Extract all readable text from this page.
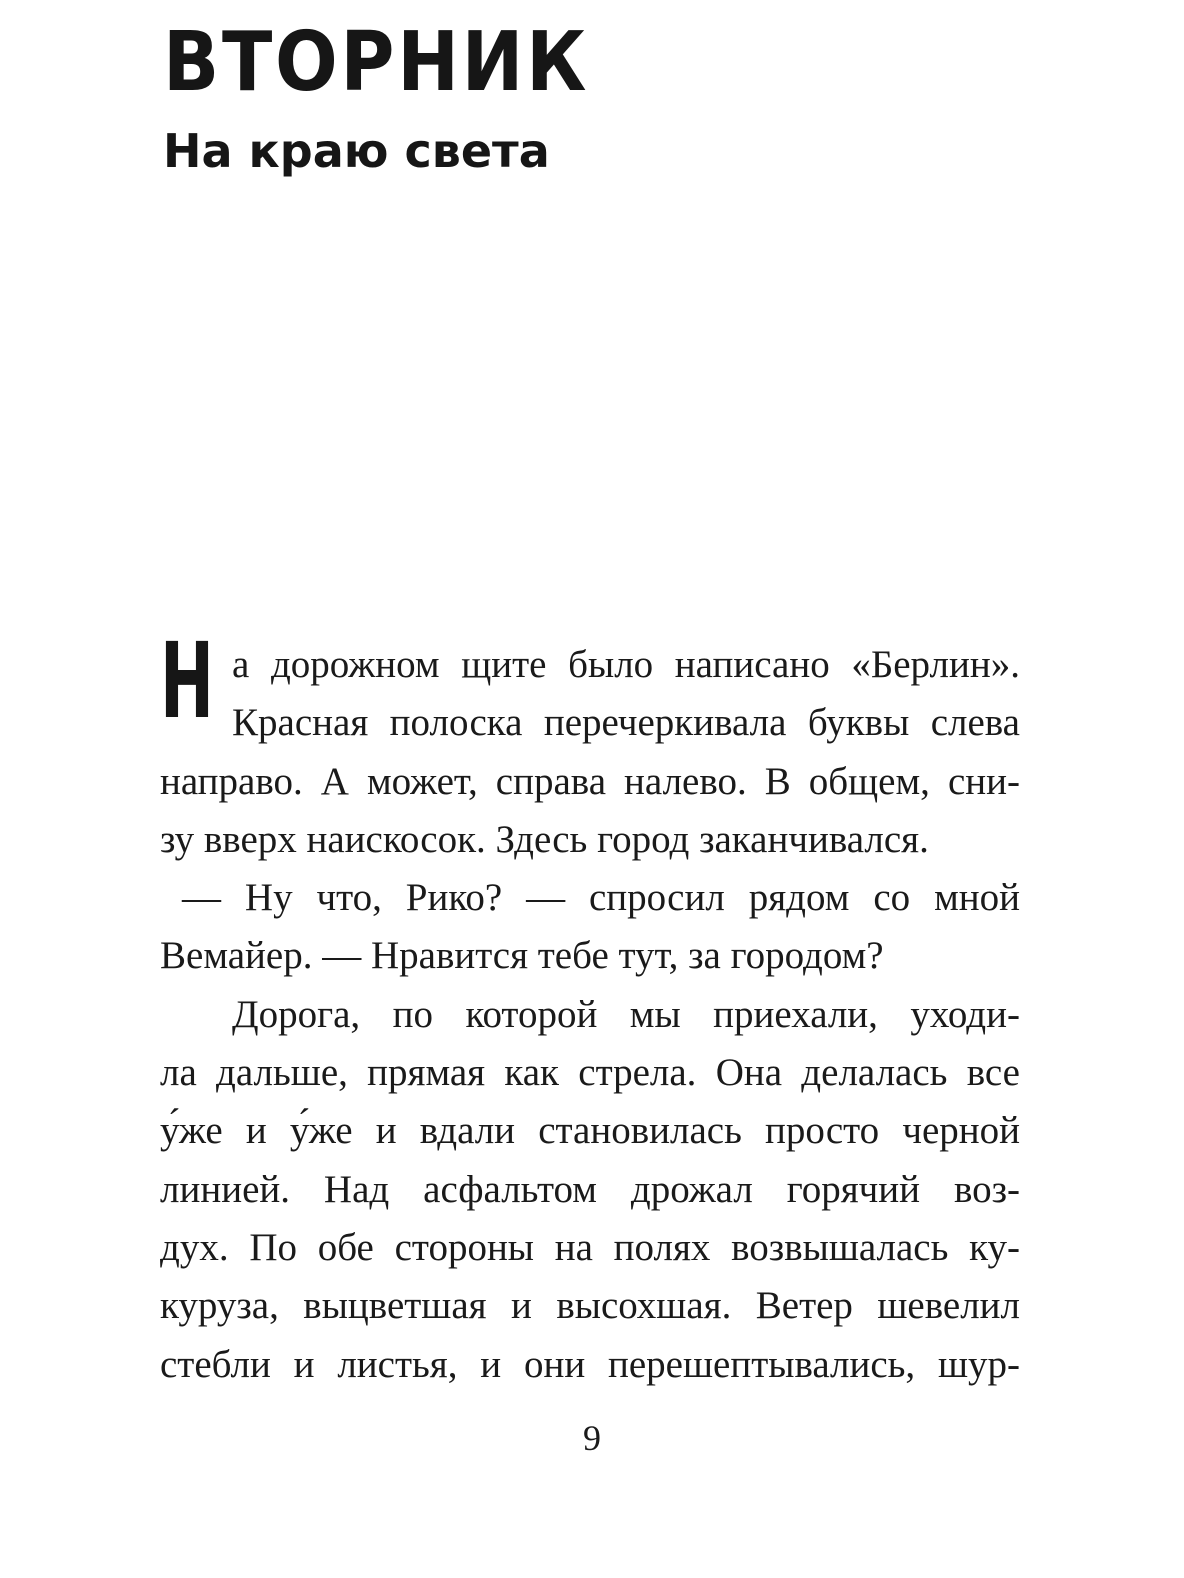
ВТОРНИК
На краю света
Н а дорожном щите было написано «Берлин».
Красная полоска перечеркивала буквы слева
направо. А может, справа налево. В общем, сни-
зу вверх наискосок. Здесь город заканчивался.
— Ну что, Рико? — спросил рядом со мной
Вемайер. — Нравится тебе тут, за городом?
Дорога, по которой мы приехали, уходи-
ла дальше, прямая как стрела. Она делалась все
у́же и у́же и вдали становилась просто черной
линией. Над асфальтом дрожал горячий воз-
дух. По обе стороны на полях возвышалась ку-
куруза, выцветшая и высохшая. Ветер шевелил
стебли и листья, и они перешептывались, шур-
9
